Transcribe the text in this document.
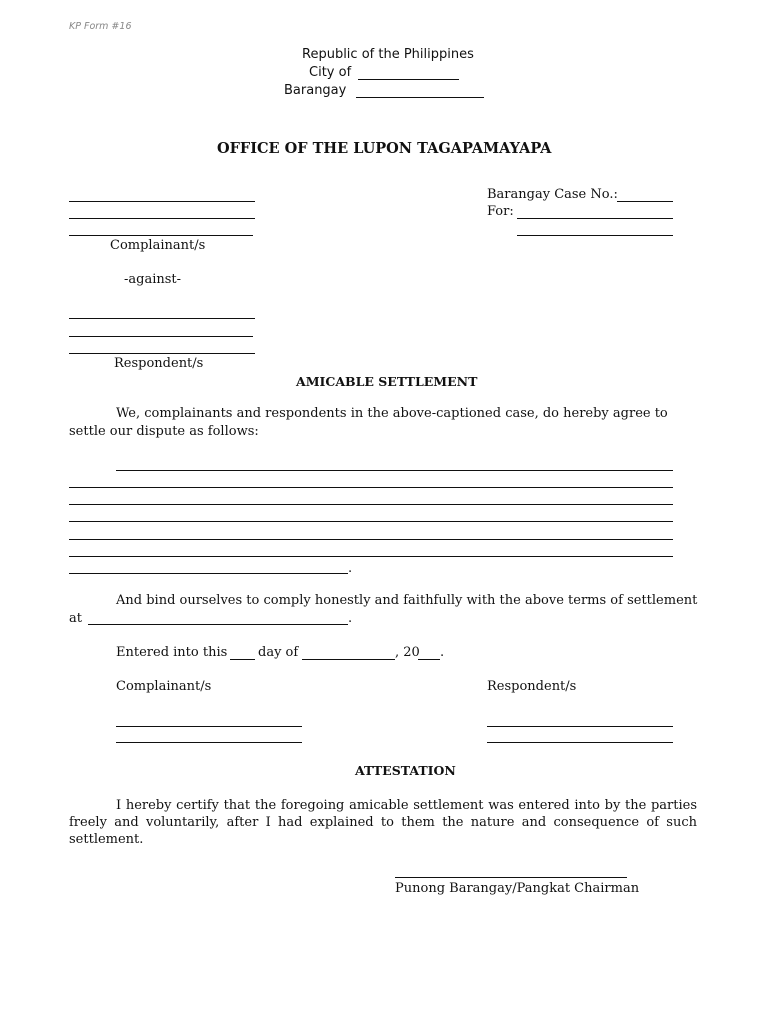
KP Form #16
Republic of the Philippines
City of
Barangay
OFFICE OF THE LUPON TAGAPAMAYAPA
Complainant/s
Barangay Case No.:
For:
-against-
Respondent/s
AMICABLE SETTLEMENT
We, complainants and respondents in the above-captioned case, do hereby agree to
settle our dispute as follows:
.
And bind ourselves to comply honestly and faithfully with the above terms of settlement
at	.
Entered into this day of	, 20 .
Complainant/s	Respondent/s
ATTESTATION
I hereby certify that the foregoing amicable settlement was entered into by the parties freely and voluntarily, after I had explained to them the nature and consequence of such settlement.
Punong Barangay/Pangkat Chairman
